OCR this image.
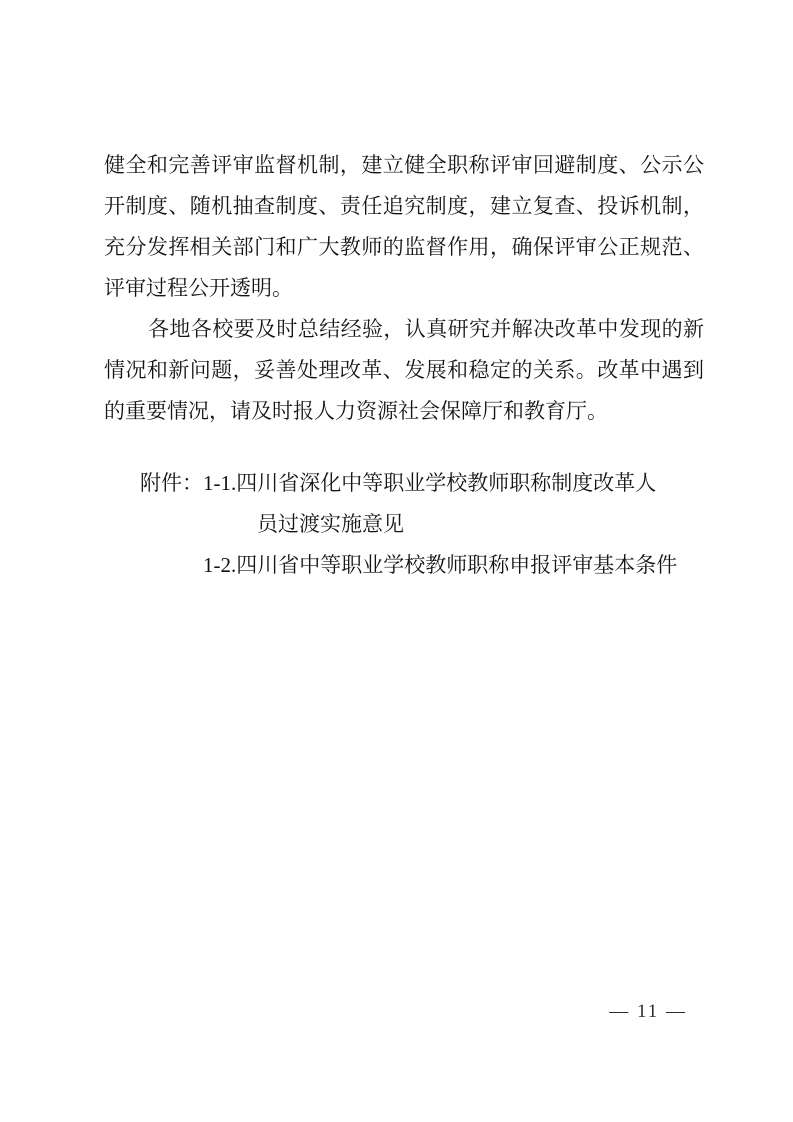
健全和完善评审监督机制，建立健全职称评审回避制度、公示公
开制度、随机抽查制度、责任追究制度，建立复查、投诉机制，
充分发挥相关部门和广大教师的监督作用，确保评审公正规范、
评审过程公开透明。
各地各校要及时总结经验，认真研究并解决改革中发现的新
情况和新问题，妥善处理改革、发展和稳定的关系。改革中遇到
的重要情况，请及时报人力资源社会保障厅和教育厅。
附件：1-1.四川省深化中等职业学校教师职称制度改革人
员过渡实施意见
1-2.四川省中等职业学校教师职称申报评审基本条件
— 11 —
